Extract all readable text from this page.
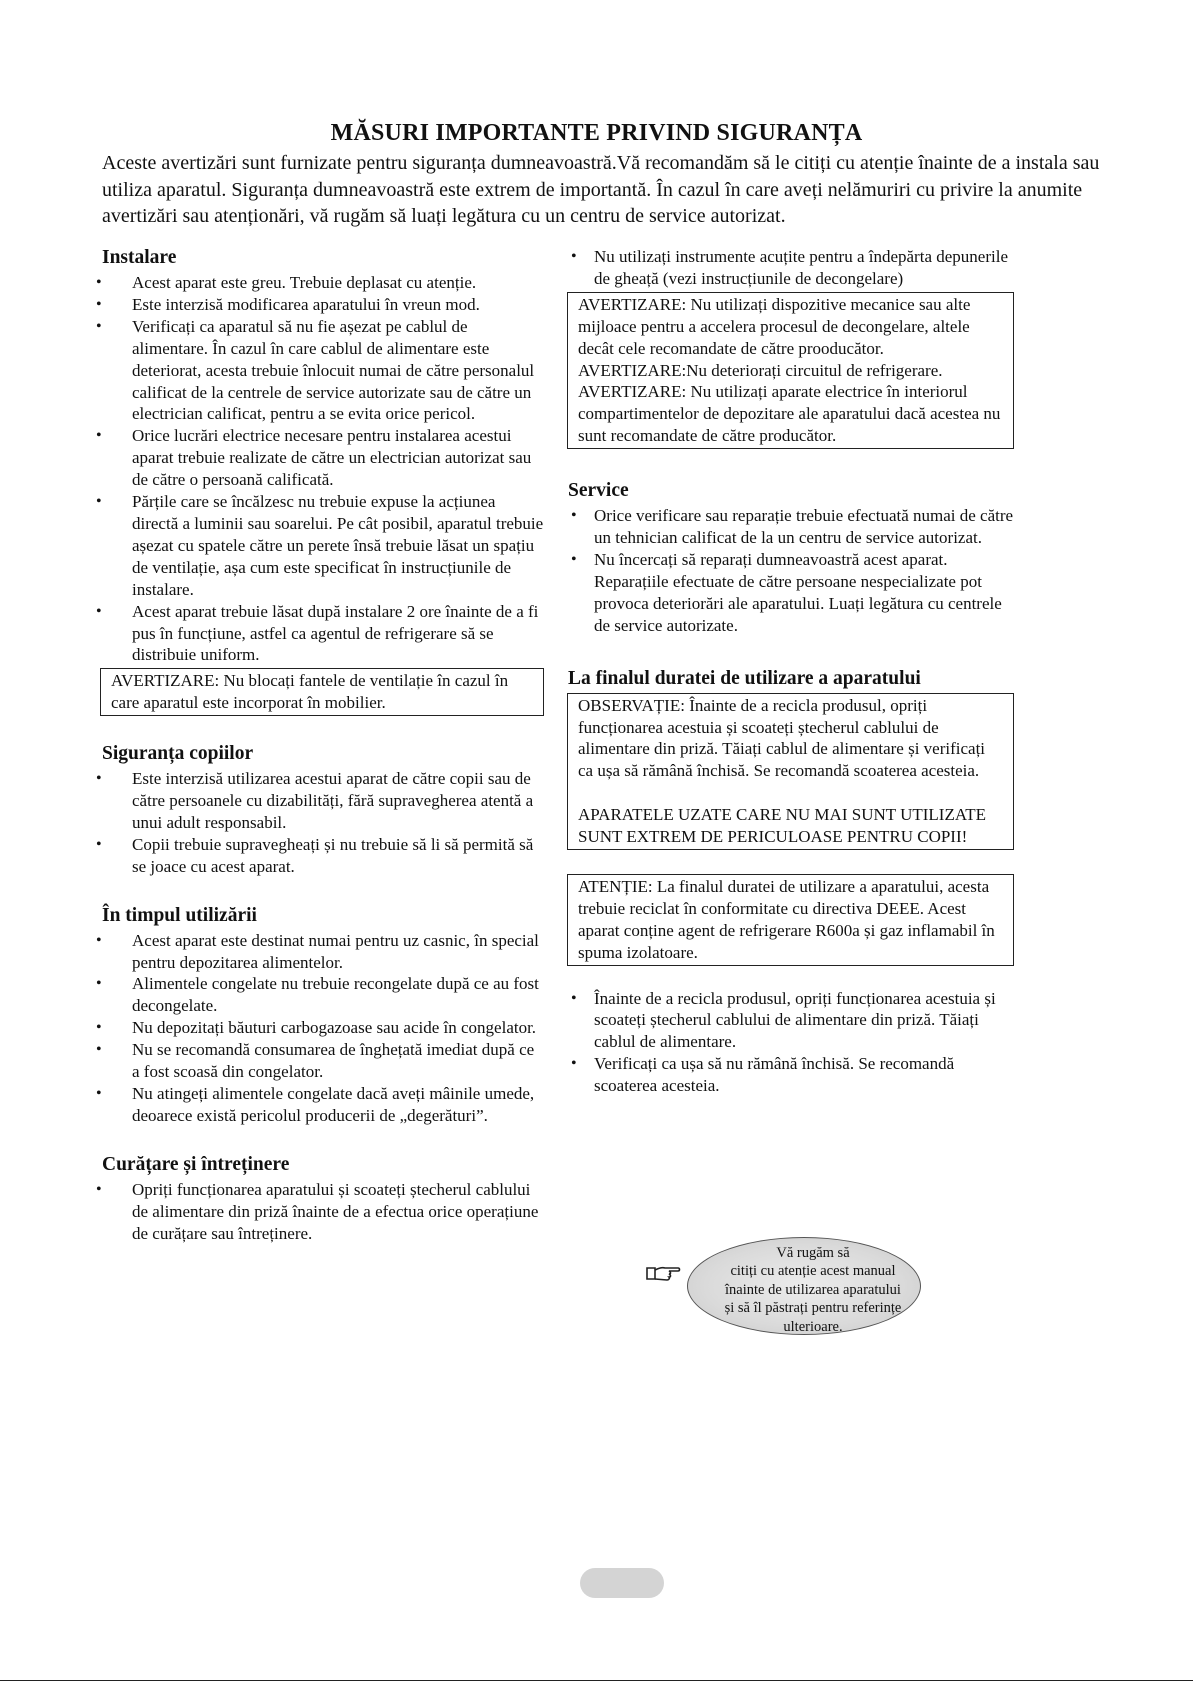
MĂSURI IMPORTANTE PRIVIND SIGURANȚA
Aceste avertizări sunt furnizate pentru siguranța dumneavoastră.Vă recomandăm să le citiți cu atenție înainte de a instala sau utiliza aparatul. Siguranța dumneavoastră este extrem de importantă. În cazul în care aveți nelămuriri cu privire la anumite avertizări sau atenționări, vă rugăm să luați legătura cu un centru de service autorizat.
Instalare
• Acest aparat este greu. Trebuie deplasat cu atenție.
• Este interzisă modificarea aparatului în vreun mod.
• Verificați ca aparatul să nu fie așezat pe cablul de alimentare. În cazul în care cablul de alimentare este deteriorat, acesta trebuie înlocuit numai de către personalul calificat de la centrele de service autorizate sau de către un electrician calificat, pentru a se evita orice pericol.
• Orice lucrări electrice necesare pentru instalarea acestui aparat trebuie realizate de către un electrician autorizat sau de către o persoană calificată.
• Părțile care se încălzesc nu trebuie expuse la acțiunea directă a luminii sau soarelui. Pe cât posibil, aparatul trebuie așezat cu spatele către un perete însă trebuie lăsat un spațiu de ventilație, așa cum este specificat în instrucțiunile de instalare.
• Acest aparat trebuie lăsat după instalare 2 ore înainte de a fi pus în funcțiune, astfel ca agentul de refrigerare să se distribuie uniform.
AVERTIZARE: Nu blocați fantele de ventilație în cazul în care aparatul este incorporat în mobilier.
Siguranța copiilor
• Este interzisă utilizarea acestui aparat de către copii sau de către persoanele cu dizabilități, fără supravegherea atentă a unui adult responsabil.
• Copii trebuie supravegheați și nu trebuie să li să permită să se joace cu acest aparat.
În timpul utilizării
• Acest aparat este destinat numai pentru uz casnic, în special pentru depozitarea alimentelor.
• Alimentele congelate nu trebuie recongelate după ce au fost decongelate.
• Nu depozitați băuturi carbogazoase sau acide în congelator.
• Nu se recomandă consumarea de înghețată imediat după ce a fost scoasă din congelator.
• Nu atingeți alimentele congelate dacă aveți mâinile umede, deoarece există pericolul producerii de „degerături”.
Curățare și întreținere
• Opriți funcționarea aparatului și scoateți ștecherul cablului de alimentare din priză înainte de a efectua orice operațiune de curățare sau întreținere.
• Nu utilizați instrumente acuțite pentru a îndepărta depunerile de gheață (vezi instrucțiunile de decongelare)
AVERTIZARE: Nu utilizați dispozitive mecanice sau alte mijloace pentru a accelera procesul de decongelare, altele decât cele recomandate de către prooducător.
AVERTIZARE:Nu deteriorați circuitul de refrigerare.
AVERTIZARE: Nu utilizați aparate electrice în interiorul compartimentelor de depozitare ale aparatului dacă acestea nu sunt recomandate de către producător.
Service
• Orice verificare sau reparație trebuie efectuată numai de către un tehnician calificat de la un centru de service autorizat.
• Nu încercați să reparați dumneavoastră acest aparat. Reparațiile efectuate de către persoane nespecializate pot provoca deteriorări ale aparatului. Luați legătura cu centrele de service autorizate.
La finalul duratei de utilizare a aparatului
OBSERVAȚIE: Înainte de a recicla produsul, opriți funcționarea acestuia și scoateți ștecherul cablului de alimentare din priză. Tăiați cablul de alimentare și verificați ca ușa să rămână închisă. Se recomandă scoaterea acesteia.
APARATELE UZATE CARE NU MAI SUNT UTILIZATE SUNT EXTREM DE PERICULOASE PENTRU COPII!
ATENȚIE: La finalul duratei de utilizare a aparatului, acesta trebuie reciclat în conformitate cu directiva DEEE. Acest aparat conține agent de refrigerare R600a și gaz inflamabil în spuma izolatoare.
• Înainte de a recicla produsul, opriți funcționarea acestuia și scoateți ștecherul cablului de alimentare din priză. Tăiați cablul de alimentare.
• Verificați ca ușa să nu rămână închisă. Se recomandă scoaterea acesteia.
Vă rugăm să
citiți cu atenție acest manual
înainte de utilizarea aparatului
și să îl păstrați pentru referințe
ulterioare.
